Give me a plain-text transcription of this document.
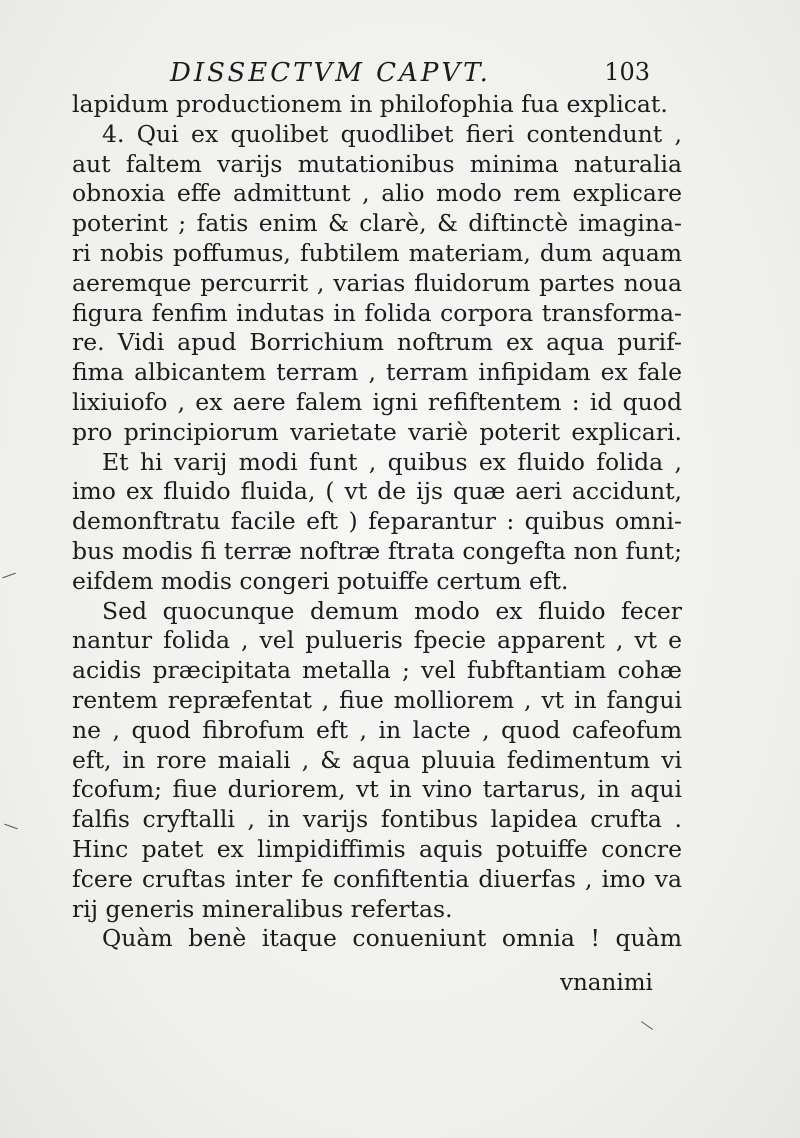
DISSECTVM CAPVT.	103
lapidum productionem in philofophia fua explicat.
4. Qui ex quolibet quodlibet fieri contendunt ,
aut faltem varijs mutationibus minima naturalia
obnoxia effe admittunt , alio modo rem explicare
poterint ; fatis enim & clarè, & diftinctè imagina-
ri nobis poffumus, fubtilem materiam, dum aquam
aeremque percurrit , varias fluidorum partes noua
figura fenfim indutas in folida corpora transforma-
re. Vidi apud Borrichium noftrum ex aqua purif-
fima albicantem terram , terram infipidam ex fale
lixiuiofo , ex aere falem igni refiftentem : id quod
pro principiorum varietate variè poterit explicari.
Et hi varij modi funt , quibus ex fluido folida ,
imo ex fluido fluida, ( vt de ijs quæ aeri accidunt,
demonftratu facile eft ) feparantur : quibus omni-
bus modis fi terræ noftræ ftrata congefta non funt;
eifdem modis congeri potuiffe certum eft.
Sed quocunque demum modo ex fluido fecer
nantur folida , vel pulueris fpecie apparent , vt e
acidis præcipitata metalla ; vel fubftantiam cohæ
rentem repræfentat , fiue molliorem , vt in fangui
ne , quod fibrofum eft , in lacte , quod cafeofum
eft, in rore maiali , & aqua pluuia fedimentum vi
fcofum; fiue duriorem, vt in vino tartarus, in aqui
falfis cryftalli , in varijs fontibus lapidea crufta .
Hinc patet ex limpidiffimis aquis potuiffe concre
fcere cruftas inter fe confiftentia diuerfas , imo va
rij generis mineralibus refertas.
Quàm benè itaque conueniunt omnia ! quàm
vnanimi
